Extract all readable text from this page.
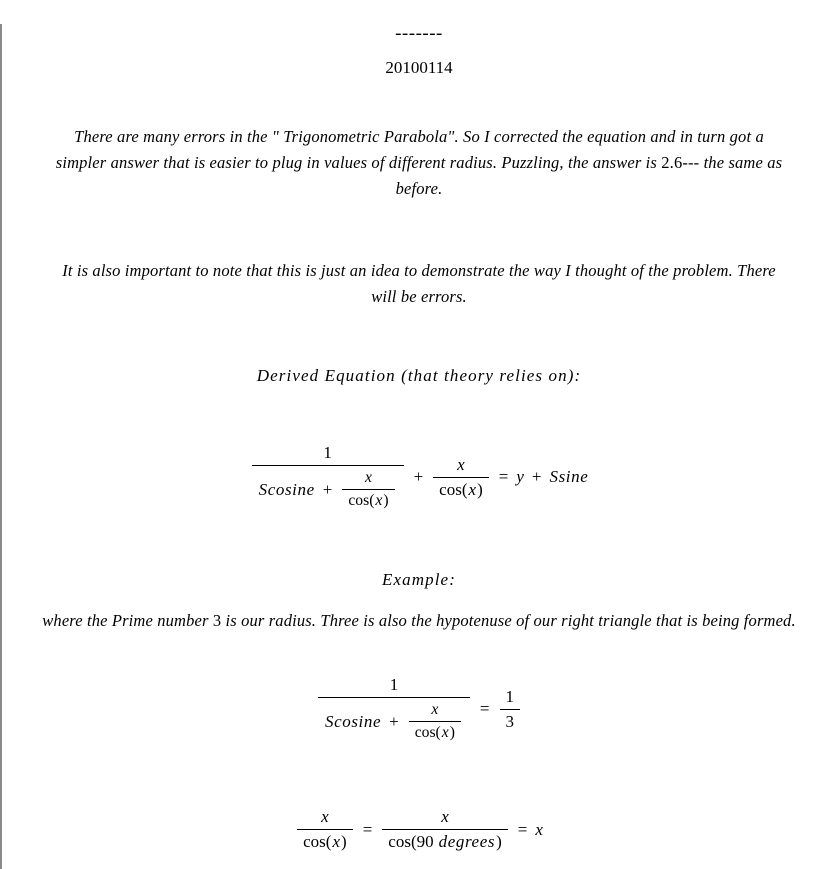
-------
20100114

There are many errors in the " Trigonometric Parabola". So I corrected the equation and in turn got a simpler answer that is easier to plug in values of different radius. Puzzling, the answer is 2.6--- the same as before.

It is also important to note that this is just an idea to demonstrate the way I thought of the problem. There will be errors.

Derived Equation (that theory relies on):
1
$Scosine + \frac{x}{\cos ( x )}$	+ $\frac{x}{\cos ( x )} = y + Ssine$
Example:

where the Prime number 3 is our radius. Three is also the hypotenuse of our right triangle that is being formed.

1
$Scosine + \frac{x}{\cos ( x )}$	= $\frac{1}{3}$
$\frac{x}{\cos ( x )} = \frac{x}{\text{cos ( 90 degrees )}} = x$
